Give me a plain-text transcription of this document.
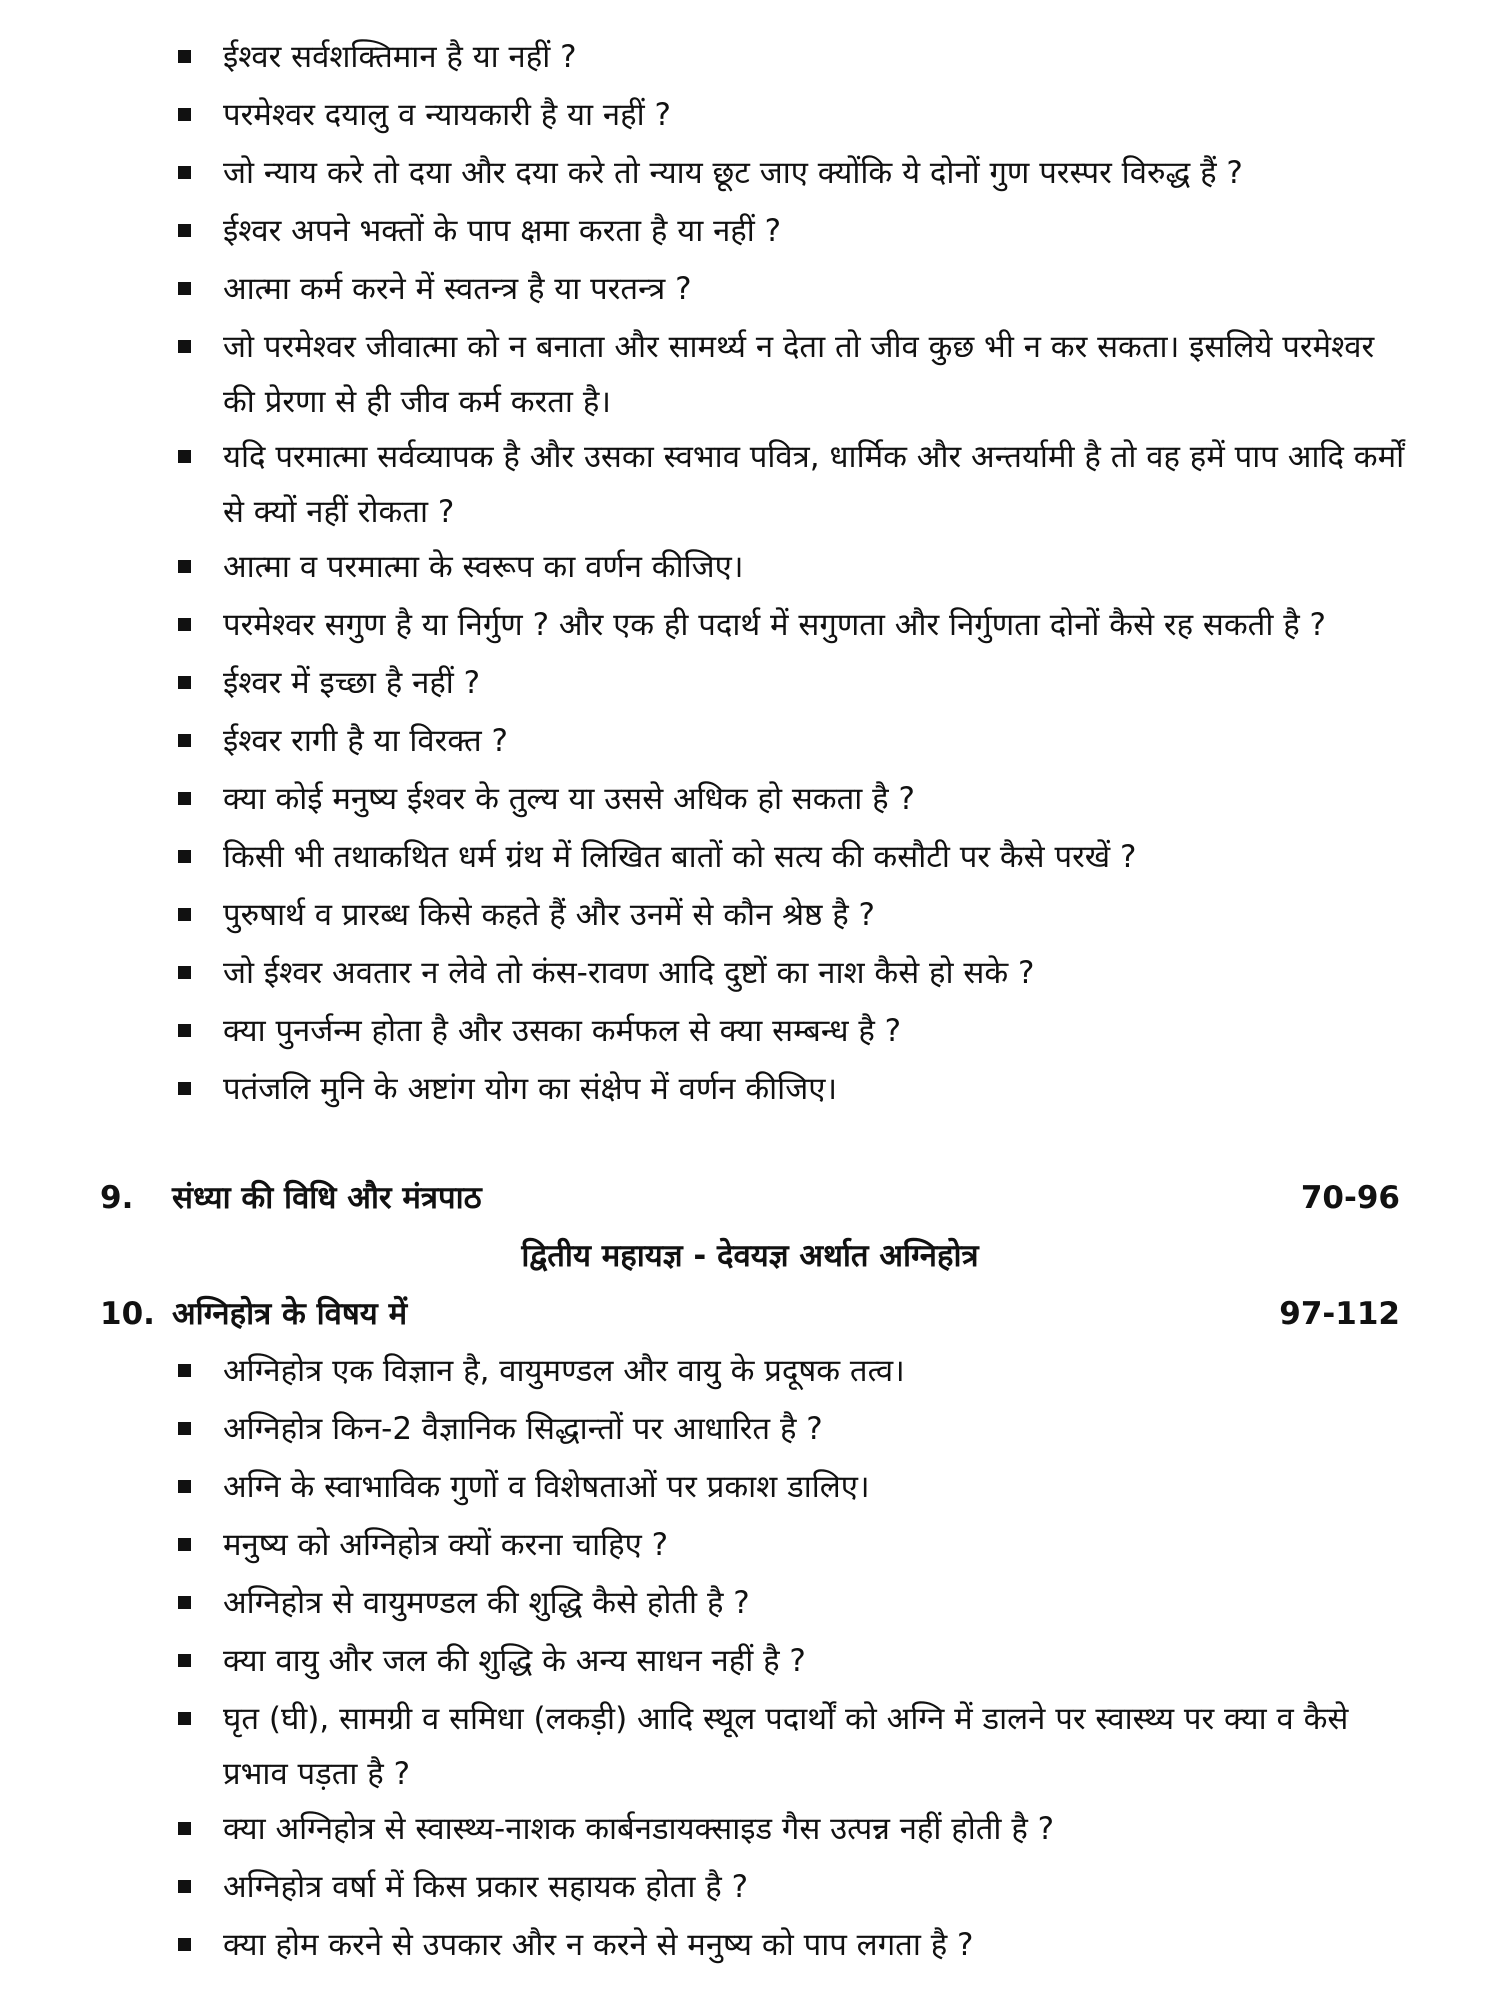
ईश्वर सर्वशक्तिमान है या नहीं ?
परमेश्वर दयालु व न्यायकारी है या नहीं ?
जो न्याय करे तो दया और दया करे तो न्याय छूट जाए क्योंकि ये दोनों गुण परस्पर विरुद्ध हैं ?
ईश्वर अपने भक्तों के पाप क्षमा करता है या नहीं ?
आत्मा कर्म करने में स्वतन्त्र है या परतन्त्र ?
जो परमेश्वर जीवात्मा को न बनाता और सामर्थ्य न देता तो जीव कुछ भी न कर सकता। इसलिये परमेश्वर की प्रेरणा से ही जीव कर्म करता है।
यदि परमात्मा सर्वव्यापक है और उसका स्वभाव पवित्र, धार्मिक और अन्तर्यामी है तो वह हमें पाप आदि कर्मों से क्यों नहीं रोकता ?
आत्मा व परमात्मा के स्वरूप का वर्णन कीजिए।
परमेश्वर सगुण है या निर्गुण ? और एक ही पदार्थ में सगुणता और निर्गुणता दोनों कैसे रह सकती है ?
ईश्वर में इच्छा है नहीं ?
ईश्वर रागी है या विरक्त ?
क्या कोई मनुष्य ईश्वर के तुल्य या उससे अधिक हो सकता है ?
किसी भी तथाकथित धर्म ग्रंथ में लिखित बातों को सत्य की कसौटी पर कैसे परखें ?
पुरुषार्थ व प्रारब्ध किसे कहते हैं और उनमें से कौन श्रेष्ठ है ?
जो ईश्वर अवतार न लेवे तो कंस-रावण आदि दुष्टों का नाश कैसे हो सके ?
क्या पुनर्जन्म होता है और उसका कर्मफल से क्या सम्बन्ध है ?
पतंजलि मुनि के अष्टांग योग का संक्षेप में वर्णन कीजिए।
9.	संध्या की विधि और मंत्रपाठ	70-96
द्वितीय महायज्ञ - देवयज्ञ अर्थात अग्निहोत्र
10. अग्निहोत्र के विषय में	97-112
अग्निहोत्र एक विज्ञान है, वायुमण्डल और वायु के प्रदूषक तत्व।
अग्निहोत्र किन-2 वैज्ञानिक सिद्धान्तों पर आधारित है ?
अग्नि के स्वाभाविक गुणों व विशेषताओं पर प्रकाश डालिए।
मनुष्य को अग्निहोत्र क्यों करना चाहिए ?
अग्निहोत्र से वायुमण्डल की शुद्धि कैसे होती है ?
क्या वायु और जल की शुद्धि के अन्य साधन नहीं है ?
घृत (घी), सामग्री व समिधा (लकड़ी) आदि स्थूल पदार्थों को अग्नि में डालने पर स्वास्थ्य पर क्या व कैसे प्रभाव पड़ता है ?
क्या अग्निहोत्र से स्वास्थ्य-नाशक कार्बनडायक्साइड गैस उत्पन्न नहीं होती है ?
अग्निहोत्र वर्षा में किस प्रकार सहायक होता है ?
क्या होम करने से उपकार और न करने से मनुष्य को पाप लगता है ?
